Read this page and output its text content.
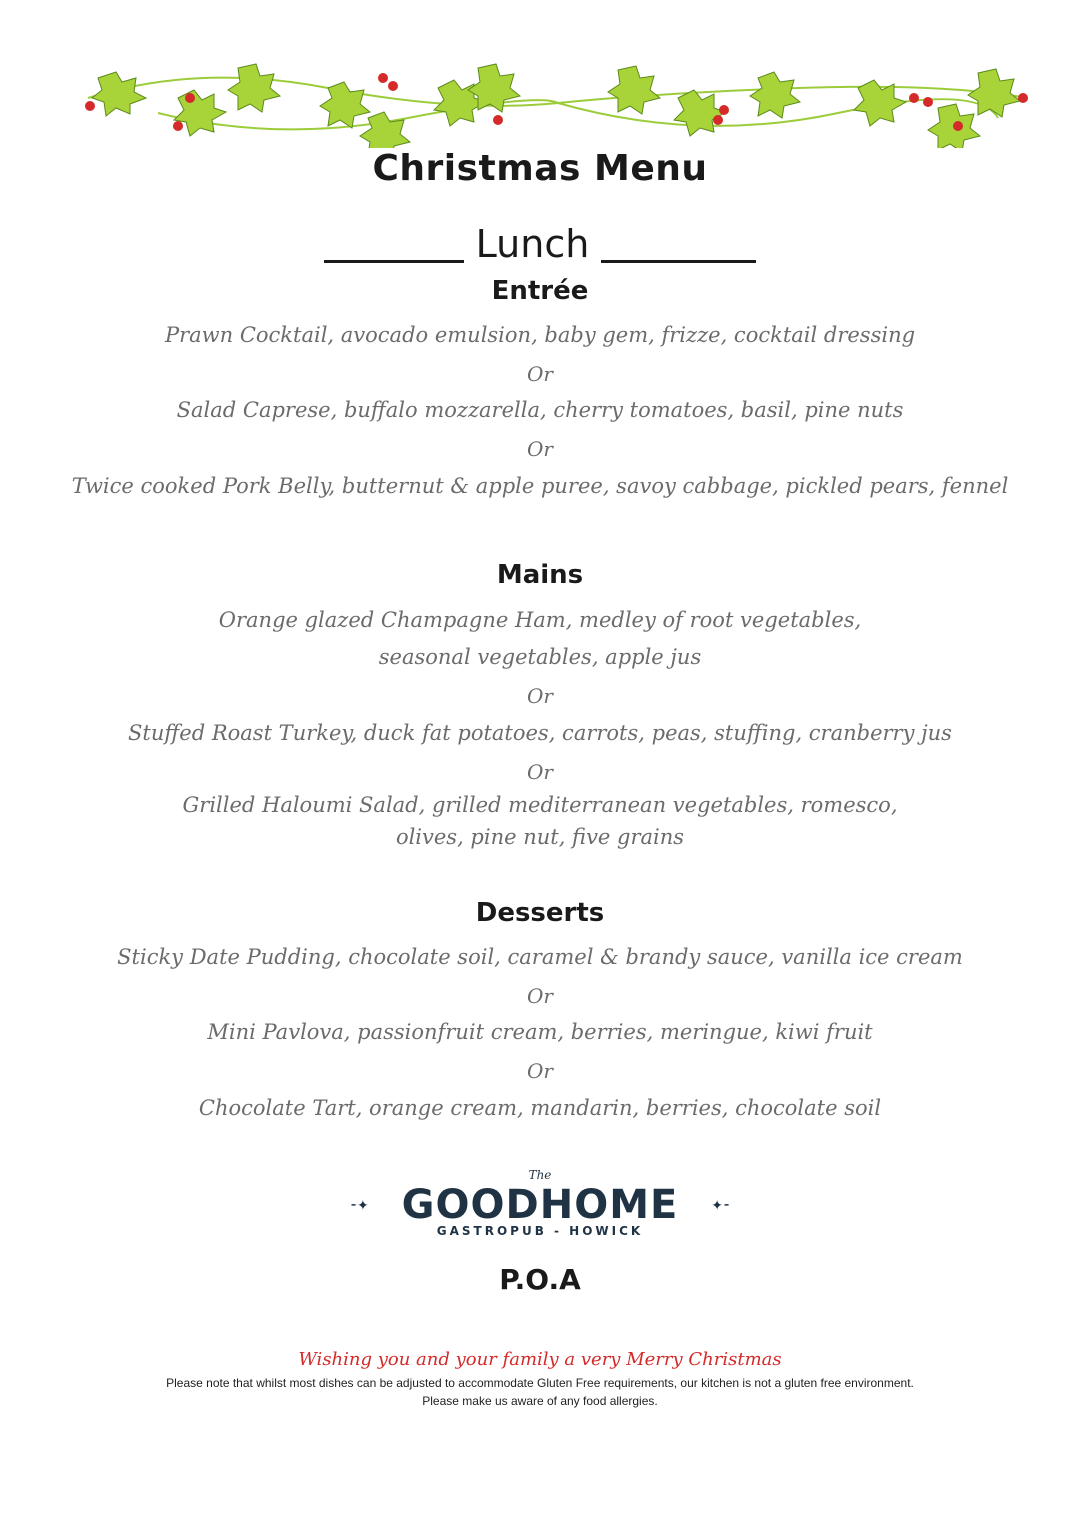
Christmas Menu
Lunch
Entrée

Prawn Cocktail, avocado emulsion, baby gem, frizze, cocktail dressing

Or

Salad Caprese, buffalo mozzarella, cherry tomatoes, basil, pine nuts

Or

Twice cooked Pork Belly, butternut & apple puree, savoy cabbage, pickled pears, fennel

Mains

Orange glazed Champagne Ham, medley of root vegetables,

seasonal vegetables, apple jus

Or

Stuffed Roast Turkey, duck fat potatoes, carrots, peas, stuffing, cranberry jus

Or

Grilled Haloumi Salad, grilled mediterranean vegetables, romesco,

olives, pine nut, five grains

Desserts

Sticky Date Pudding, chocolate soil, caramel & brandy sauce, vanilla ice cream

Or

Mini Pavlova, passionfruit cream, berries, meringue, kiwi fruit

Or

Chocolate Tart, orange cream, mandarin, berries, chocolate soil

The
⁃✦ GOODHOME	✦⁃
GASTROPUB - HOWICK
P.O.A

Wishing you and your family a very Merry Christmas

Please note that whilst most dishes can be adjusted to accommodate Gluten Free requirements, our kitchen is not a gluten free environment.

Please make us aware of any food allergies.
